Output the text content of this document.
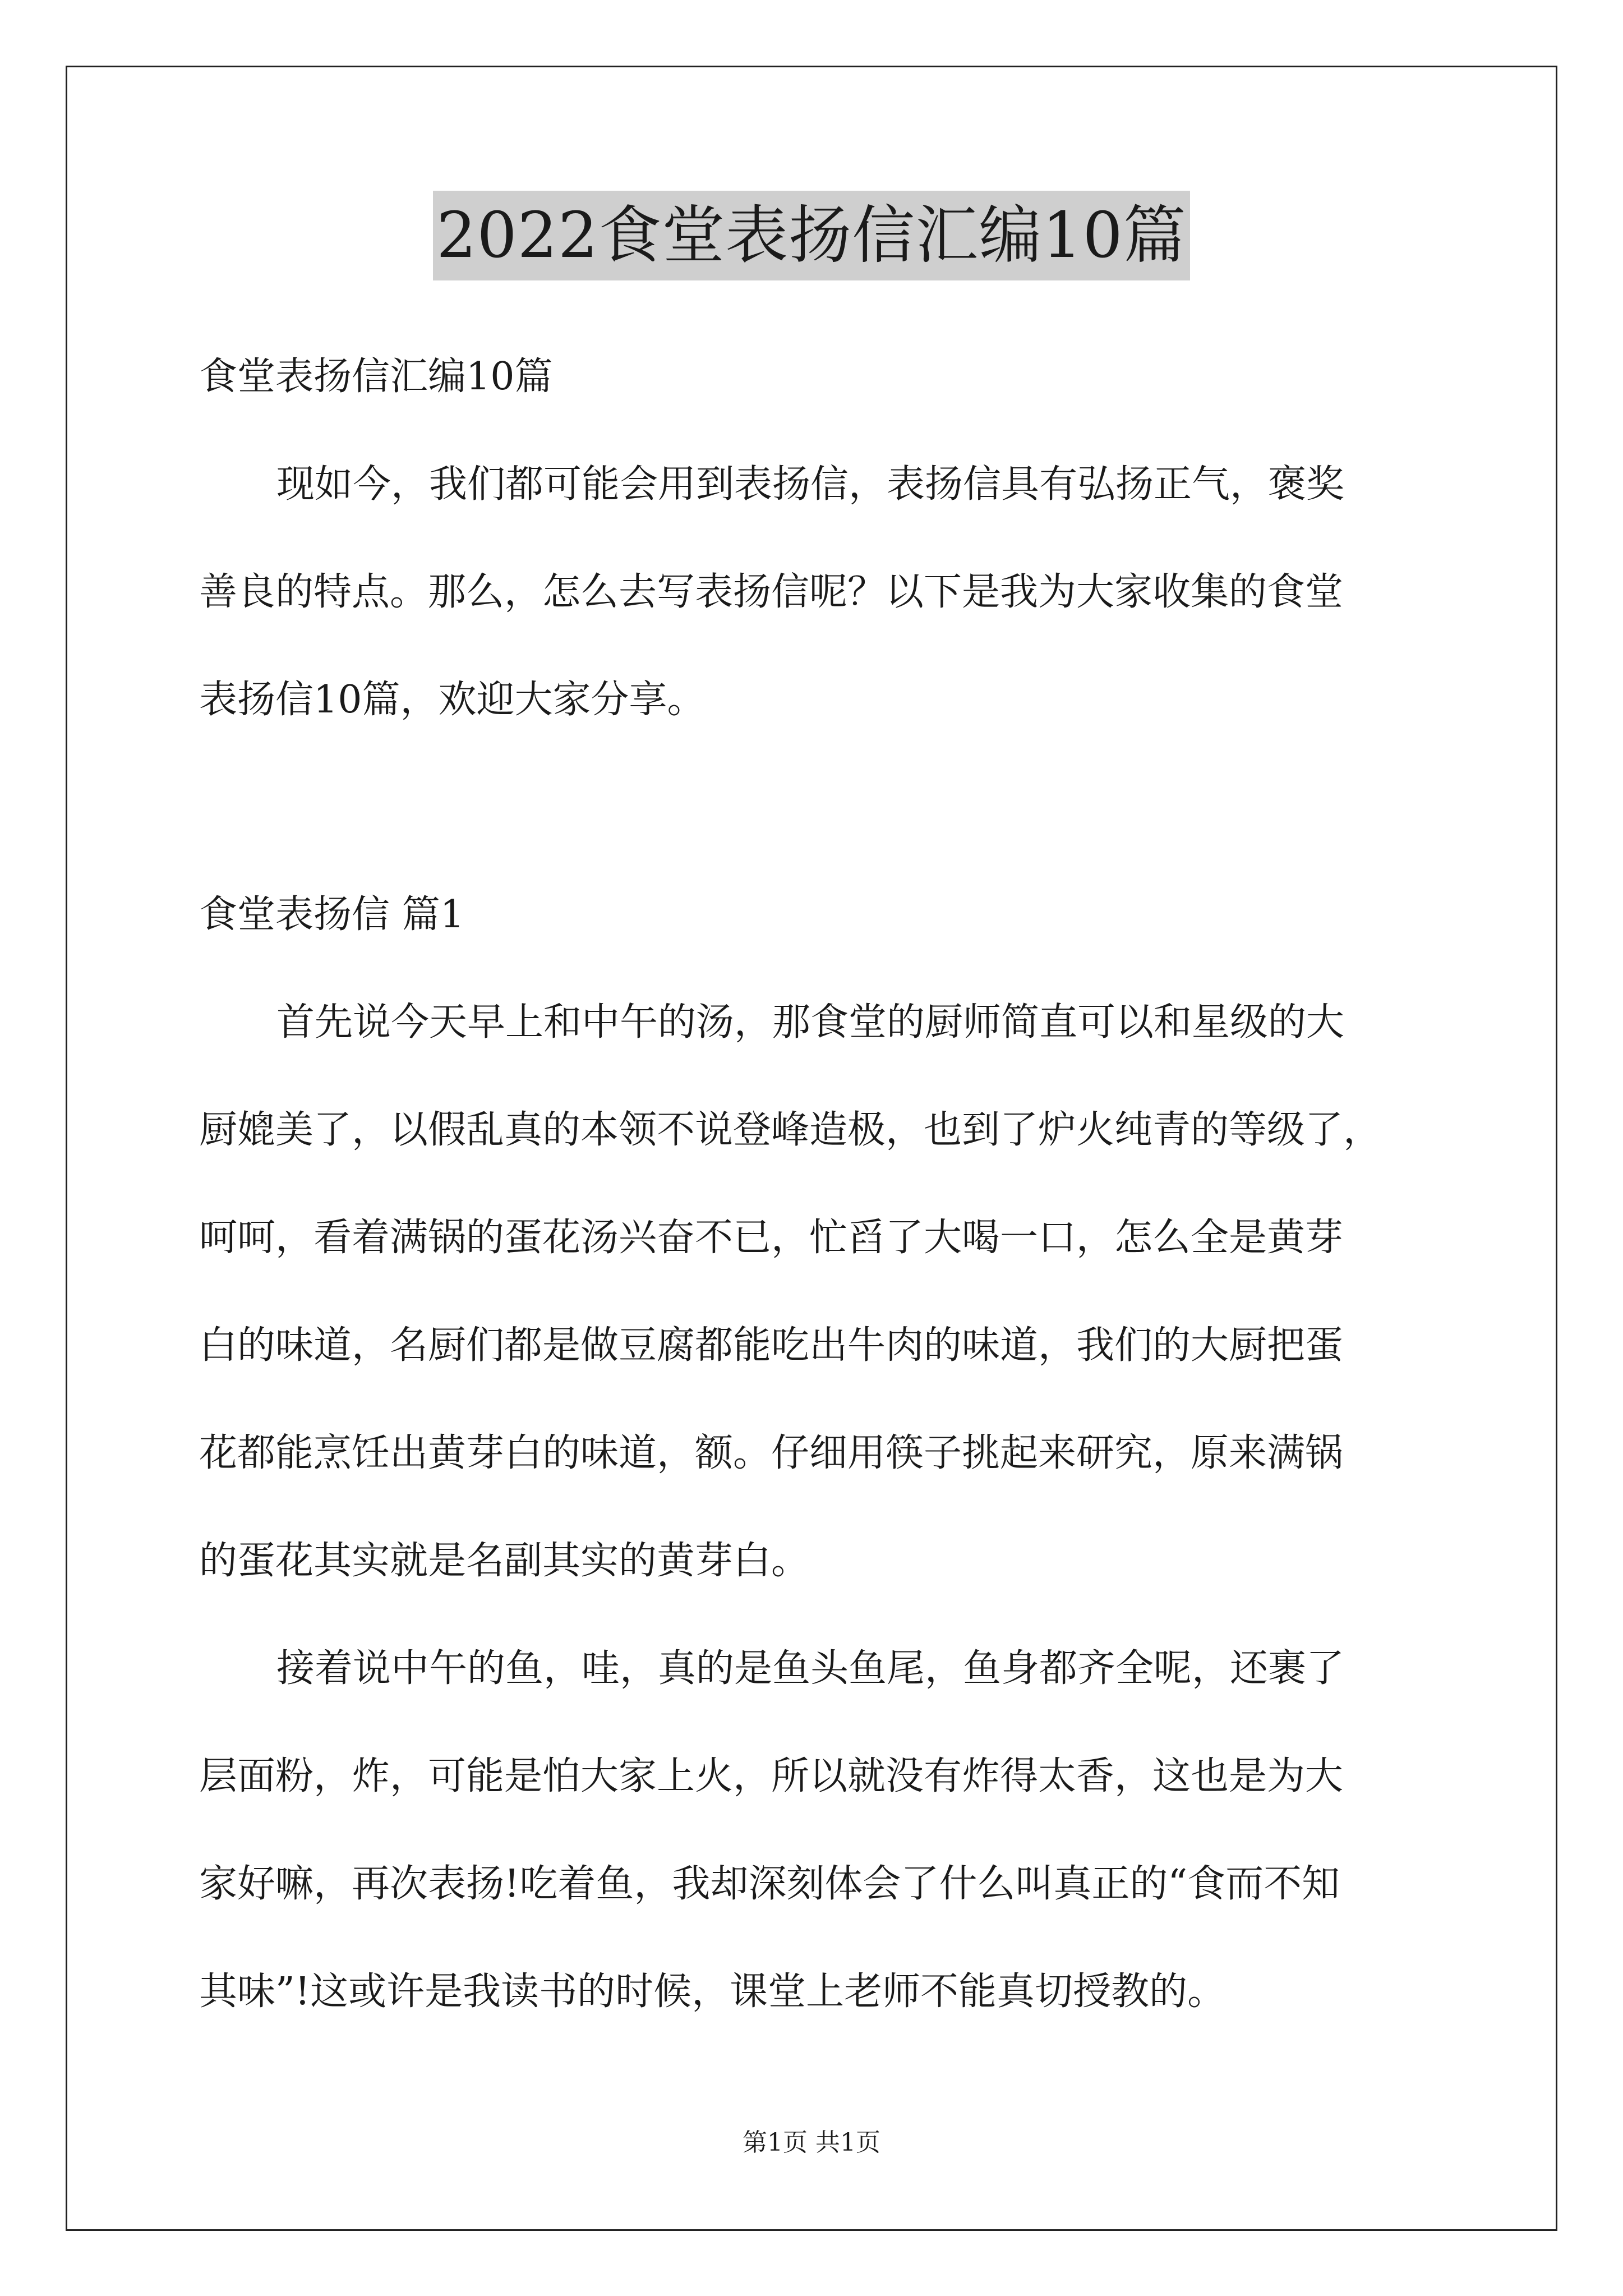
2022食堂表扬信汇编10篇
食堂表扬信汇编10篇
现如今，我们都可能会用到表扬信，表扬信具有弘扬正气，褒奖
善良的特点。那么，怎么去写表扬信呢？以下是我为大家收集的食堂
表扬信10篇，欢迎大家分享。
食堂表扬信 篇1
首先说今天早上和中午的汤，那食堂的厨师简直可以和星级的大
厨媲美了，以假乱真的本领不说登峰造极，也到了炉火纯青的等级了，
呵呵，看着满锅的蛋花汤兴奋不已，忙舀了大喝一口，怎么全是黄芽
白的味道，名厨们都是做豆腐都能吃出牛肉的味道，我们的大厨把蛋
花都能烹饪出黄芽白的味道，额。仔细用筷子挑起来研究，原来满锅
的蛋花其实就是名副其实的黄芽白。
接着说中午的鱼，哇，真的是鱼头鱼尾，鱼身都齐全呢，还裹了
层面粉，炸，可能是怕大家上火，所以就没有炸得太香，这也是为大
家好嘛，再次表扬!吃着鱼，我却深刻体会了什么叫真正的“食而不知
其味”!这或许是我读书的时候，课堂上老师不能真切授教的。
第1页 共1页
